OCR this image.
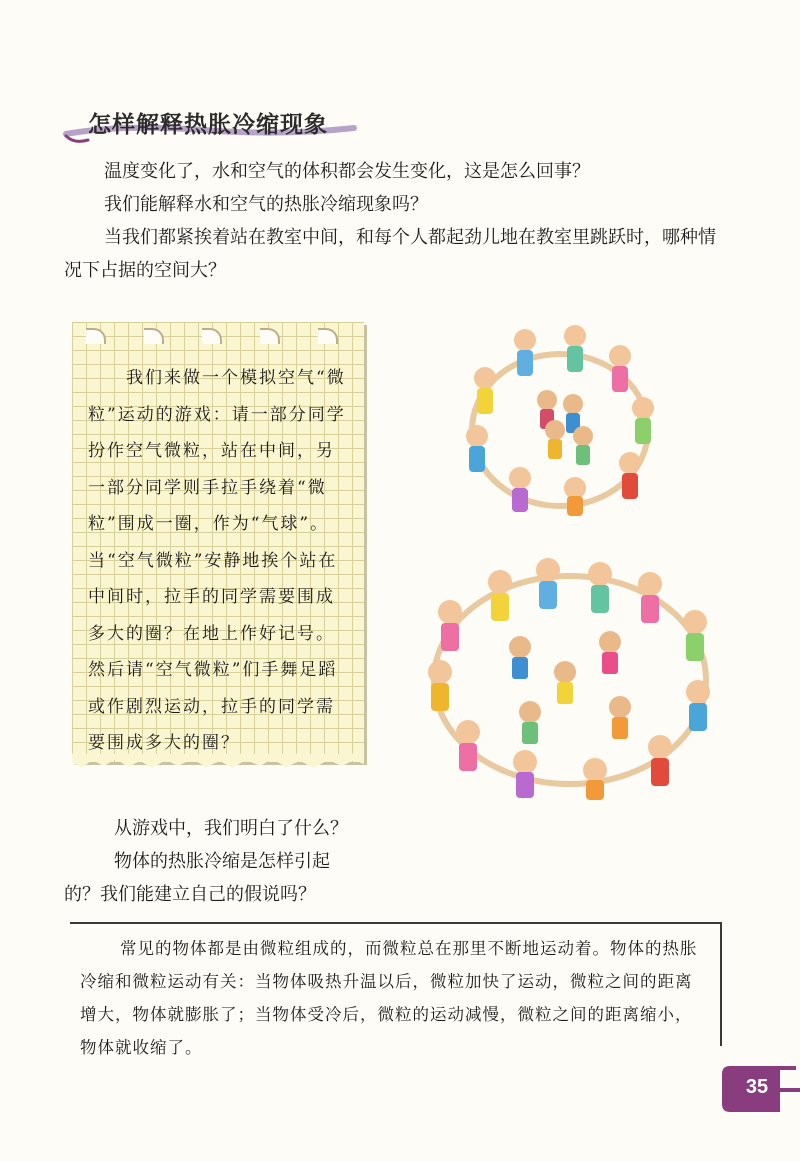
怎样解释热胀冷缩现象

温度变化了，水和空气的体积都会发生变化，这是怎么回事？

我们能解释水和空气的热胀冷缩现象吗？

当我们都紧挨着站在教室中间，和每个人都起劲儿地在教室里跳跃时，哪种情况下占据的空间大？

我们来做一个模拟空气“微粒”运动的游戏：请一部分同学扮作空气微粒，站在中间，另一部分同学则手拉手绕着“微粒”围成一圈，作为“气球”。当“空气微粒”安静地挨个站在中间时，拉手的同学需要围成多大的圈？在地上作好记号。然后请“空气微粒”们手舞足蹈或作剧烈运动，拉手的同学需要围成多大的圈？

从游戏中，我们明白了什么？

物体的热胀冷缩是怎样引起的？我们能建立自己的假说吗？

常见的物体都是由微粒组成的，而微粒总在那里不断地运动着。物体的热胀冷缩和微粒运动有关：当物体吸热升温以后，微粒加快了运动，微粒之间的距离增大，物体就膨胀了；当物体受冷后，微粒的运动减慢，微粒之间的距离缩小，物体就收缩了。

35
